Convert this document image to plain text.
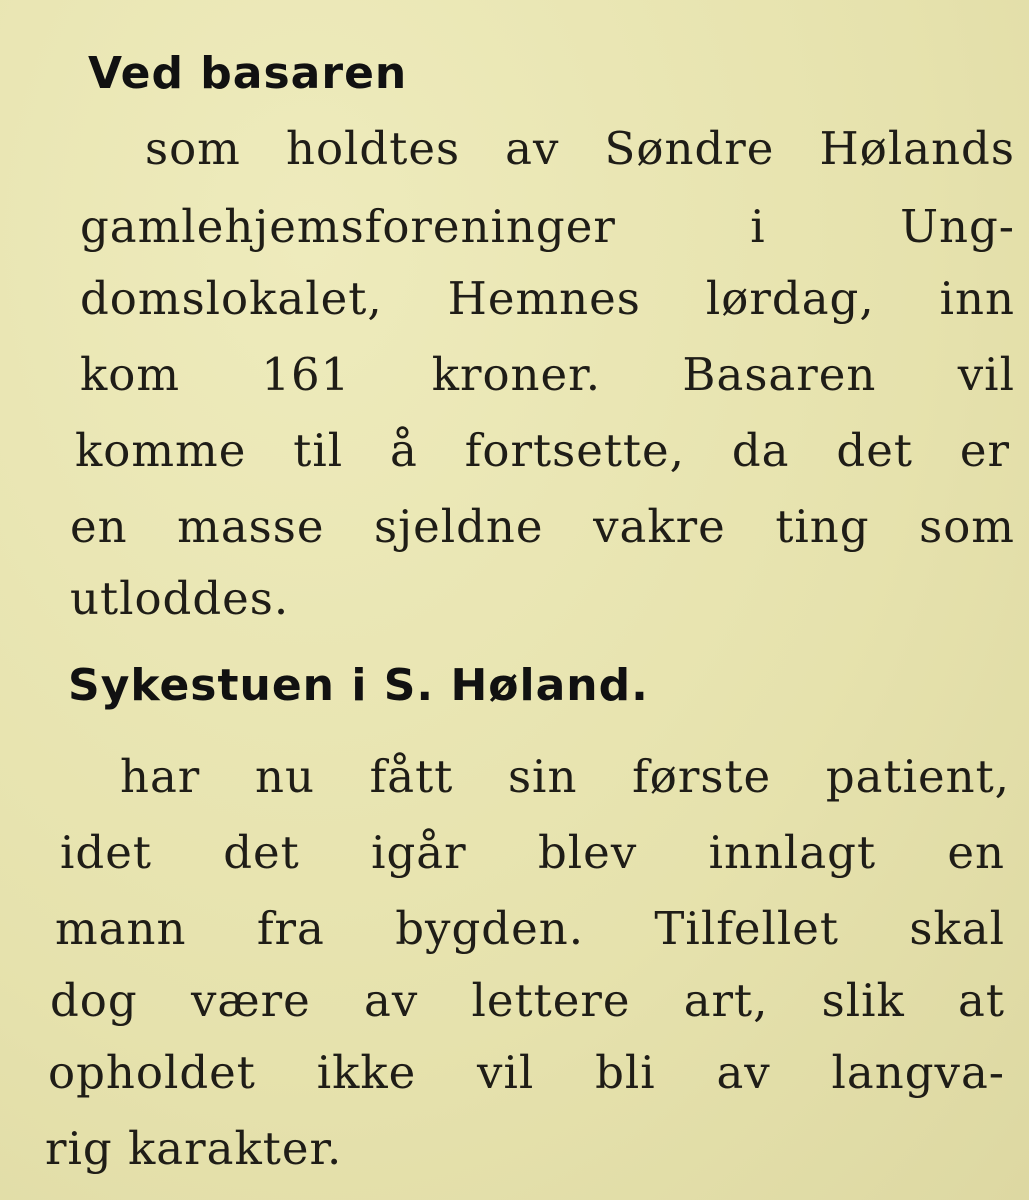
Ved basaren
som holdtes av Søndre Hølands
gamlehjemsforeninger	i	Ung-
domslokalet, Hemnes lørdag, inn
kom 161 kroner. Basaren vil
komme til å fortsette, da det er
en masse sjeldne vakre ting som
utloddes.
Sykestuen i S. Høland.
har nu fått sin første patient,
idet det igår blev innlagt en
mann fra bygden. Tilfellet skal
dog være av lettere art, slik at
opholdet ikke vil bli av langva-
rig karakter.
